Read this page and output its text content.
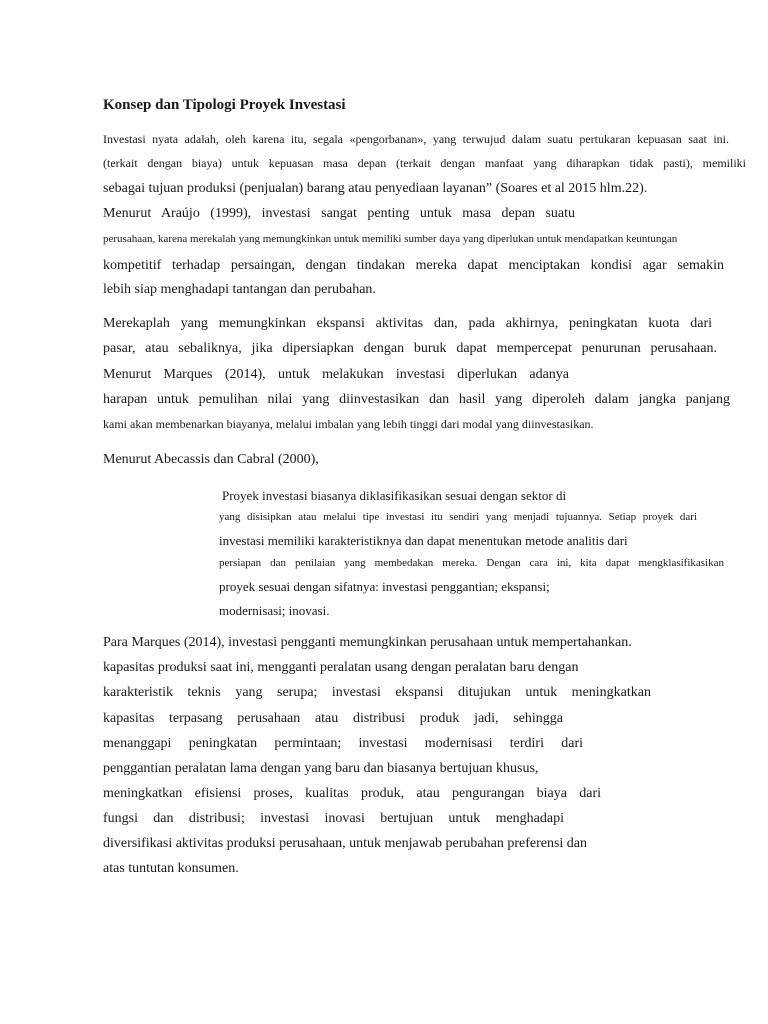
Konsep dan Tipologi Proyek Investasi
Investasi nyata adalah, oleh karena itu, segala «pengorbanan», yang terwujud dalam suatu pertukaran kepuasan saat ini.
(terkait dengan biaya) untuk kepuasan masa depan (terkait dengan manfaat yang diharapkan tidak pasti), memiliki
sebagai tujuan produksi (penjualan) barang atau penyediaan layanan” (Soares et al 2015 hlm.22).
Menurut Araújo (1999), investasi sangat penting untuk masa depan suatu
perusahaan, karena merekalah yang memungkinkan untuk memiliki sumber daya yang diperlukan untuk mendapatkan keuntungan
kompetitif terhadap persaingan, dengan tindakan mereka dapat menciptakan kondisi agar semakin
lebih siap menghadapi tantangan dan perubahan.
Merekaplah yang memungkinkan ekspansi aktivitas dan, pada akhirnya, peningkatan kuota dari
pasar, atau sebaliknya, jika dipersiapkan dengan buruk dapat mempercepat penurunan perusahaan.
Menurut Marques (2014), untuk melakukan investasi diperlukan adanya
harapan untuk pemulihan nilai yang diinvestasikan dan hasil yang diperoleh dalam jangka panjang
kami akan membenarkan biayanya, melalui imbalan yang lebih tinggi dari modal yang diinvestasikan.
Menurut Abecassis dan Cabral (2000),
Proyek investasi biasanya diklasifikasikan sesuai dengan sektor di
yang disisipkan atau melalui tipe investasi itu sendiri yang menjadi tujuannya. Setiap proyek dari
investasi memiliki karakteristiknya dan dapat menentukan metode analitis dari
persiapan dan penilaian yang membedakan mereka. Dengan cara ini, kita dapat mengklasifikasikan
proyek sesuai dengan sifatnya: investasi penggantian; ekspansi;
modernisasi; inovasi.
Para Marques (2014), investasi pengganti memungkinkan perusahaan untuk mempertahankan.
kapasitas produksi saat ini, mengganti peralatan usang dengan peralatan baru dengan
karakteristik teknis yang serupa; investasi ekspansi ditujukan untuk meningkatkan
kapasitas terpasang perusahaan atau distribusi produk jadi, sehingga
menanggapi peningkatan permintaan; investasi modernisasi terdiri dari
penggantian peralatan lama dengan yang baru dan biasanya bertujuan khusus,
meningkatkan efisiensi proses, kualitas produk, atau pengurangan biaya dari
fungsi dan distribusi; investasi inovasi bertujuan untuk menghadapi
diversifikasi aktivitas produksi perusahaan, untuk menjawab perubahan preferensi dan
atas tuntutan konsumen.
